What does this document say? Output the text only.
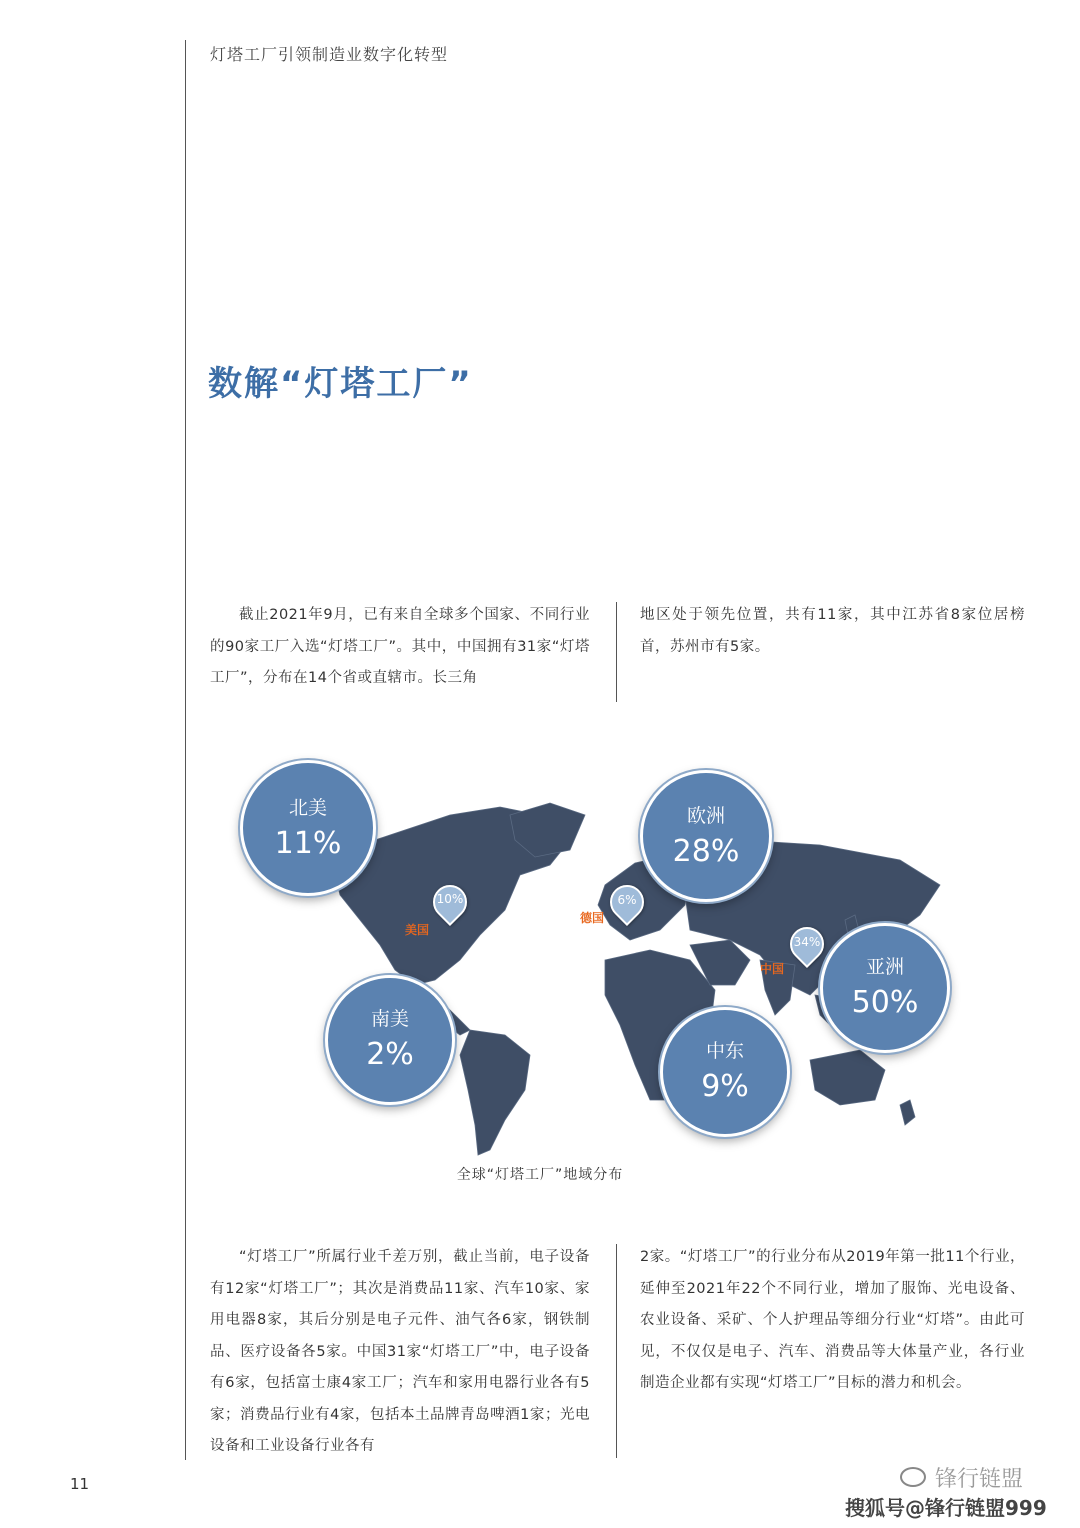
灯塔工厂引领制造业数字化转型
数解“灯塔工厂”

截止2021年9月，已有来自全球多个国家、不同行业的90家工厂入选“灯塔工厂”。其中，中国拥有31家“灯塔工厂”，分布在14个省或直辖市。长三角

地区处于领先位置，共有11家，其中江苏省8家位居榜首，苏州市有5家。

北美
11%
欧洲
28%
亚洲
50%
南美
2%	中东
9%
10%
美国
6%
德国
34%
中国
全球“灯塔工厂”地域分布

“灯塔工厂”所属行业千差万别，截止当前，电子设备有12家“灯塔工厂”；其次是消费品11家、汽车10家、家用电器8家，其后分别是电子元件、油气各6家，钢铁制品、医疗设备各5家。中国31家“灯塔工厂”中，电子设备有6家，包括富士康4家工厂；汽车和家用电器行业各有5家；消费品行业有4家，包括本土品牌青岛啤酒1家；光电设备和工业设备行业各有

2家。“灯塔工厂”的行业分布从2019年第一批11个行业，延伸至2021年22个不同行业，增加了服饰、光电设备、农业设备、采矿、个人护理品等细分行业“灯塔”。由此可见，不仅仅是电子、汽车、消费品等大体量产业，各行业制造企业都有实现“灯塔工厂”目标的潜力和机会。

11	锋行链盟
搜狐号@锋行链盟999
